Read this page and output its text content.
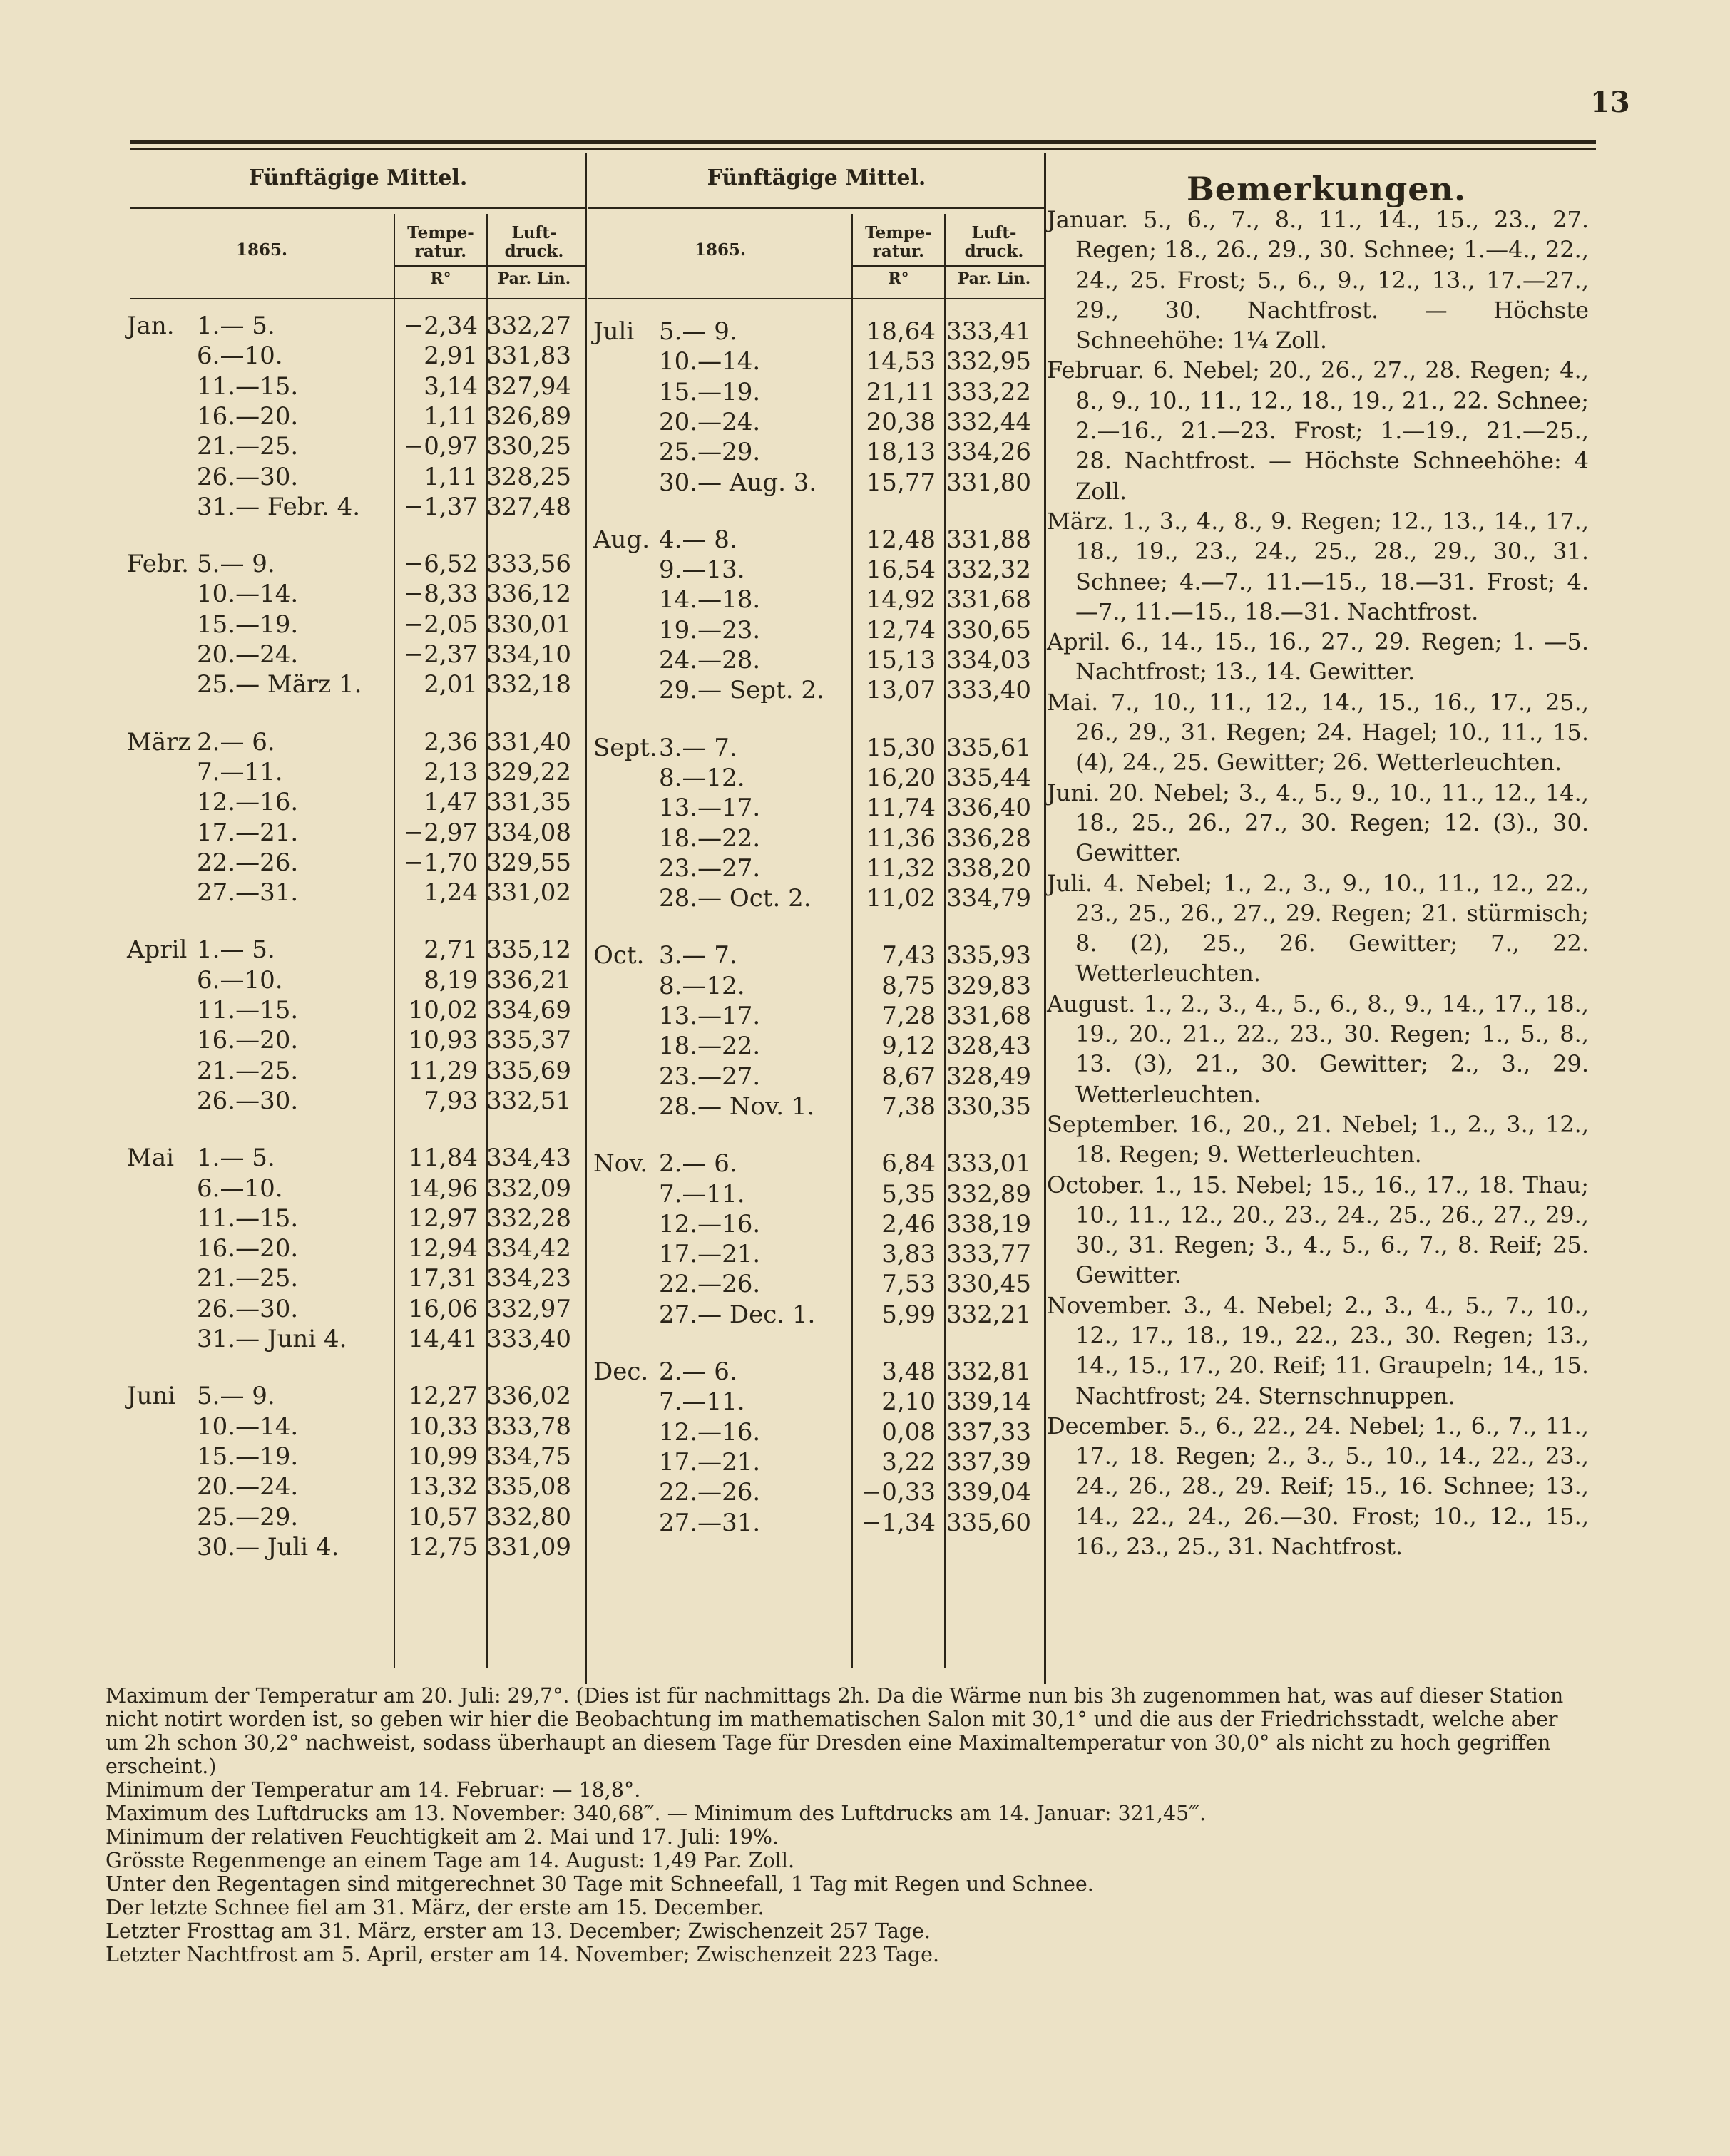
13
Fünftägige Mittel.
1865.
Tempe- ratur.
Luft- druck.
R°	Par. Lin.
Fünftägige Mittel.
1865.
Tempe- ratur.
Luft- druck.
R°	Par. Lin.
Bemerkungen.
Jan. 1.— 5.	−2,34 332,27
6.—10.	2,91 331,83
11.—15.	3,14 327,94
16.—20.	1,11 326,89
21.—25.	−0,97 330,25
26.—30.	1,11 328,25
31.— Febr. 4.	−1,37 327,48
Febr. 5.— 9.	−6,52 333,56
10.—14.	−8,33 336,12
15.—19.	−2,05 330,01
20.—24.	−2,37 334,10
25.— März 1.	2,01 332,18
März 2.— 6.	2,36 331,40
7.—11.	2,13 329,22
12.—16.	1,47 331,35
17.—21.	−2,97 334,08
22.—26.	−1,70 329,55
27.—31.	1,24 331,02
April 1.— 5.	2,71 335,12
6.—10.	8,19 336,21
11.—15.	10,02 334,69
16.—20.	10,93 335,37
21.—25.	11,29 335,69
26.—30.	7,93 332,51
Mai 1.— 5.	11,84 334,43
6.—10.	14,96 332,09
11.—15.	12,97 332,28
16.—20.	12,94 334,42
21.—25.	17,31 334,23
26.—30.	16,06 332,97
31.— Juni 4.	14,41 333,40
Juni 5.— 9.	12,27 336,02
10.—14.	10,33 333,78
15.—19.	10,99 334,75
20.—24.	13,32 335,08
25.—29.	10,57 332,80
30.— Juli 4.	12,75 331,09
Juli 5.— 9.	18,64 333,41
10.—14.	14,53 332,95
15.—19.	21,11 333,22
20.—24.	20,38 332,44
25.—29.	18,13 334,26
30.— Aug. 3.	15,77 331,80
Aug. 4.— 8.	12,48 331,88
9.—13.	16,54 332,32
14.—18.	14,92 331,68
19.—23.	12,74 330,65
24.—28.	15,13 334,03
29.— Sept. 2.	13,07 333,40
Sept. 3.— 7.	15,30 335,61
8.—12.	16,20 335,44
13.—17.	11,74 336,40
18.—22.	11,36 336,28
23.—27.	11,32 338,20
28.— Oct. 2.	11,02 334,79
Oct. 3.— 7.	7,43 335,93
8.—12.	8,75 329,83
13.—17.	7,28 331,68
18.—22.	9,12 328,43
23.—27.	8,67 328,49
28.— Nov. 1.	7,38 330,35
Nov. 2.— 6.	6,84 333,01
7.—11.	5,35 332,89
12.—16.	2,46 338,19
17.—21.	3,83 333,77
22.—26.	7,53 330,45
27.— Dec. 1.	5,99 332,21
Dec. 2.— 6.	3,48 332,81
7.—11.	2,10 339,14
12.—16.	0,08 337,33
17.—21.	3,22 337,39
22.—26.	−0,33 339,04
27.—31.	−1,34 335,60
Januar. 5., 6., 7., 8., 11., 14., 15., 23., 27. Regen; 18., 26., 29., 30. Schnee; 1.—4., 22., 24., 25. Frost; 5., 6., 9., 12., 13., 17.—27., 29., 30. Nachtfrost. — Höchste Schneehöhe: 1¼ Zoll.
Februar. 6. Nebel; 20., 26., 27., 28. Regen; 4., 8., 9., 10., 11., 12., 18., 19., 21., 22. Schnee; 2.—16., 21.—23. Frost; 1.—19., 21.—25., 28. Nachtfrost. — Höchste Schneehöhe: 4 Zoll.
März. 1., 3., 4., 8., 9. Regen; 12., 13., 14., 17., 18., 19., 23., 24., 25., 28., 29., 30., 31. Schnee; 4.—7., 11.—15., 18.—31. Frost; 4.—7., 11.—15., 18.—31. Nachtfrost.
April. 6., 14., 15., 16., 27., 29. Regen; 1. —5. Nachtfrost; 13., 14. Gewitter.
Mai. 7., 10., 11., 12., 14., 15., 16., 17., 25., 26., 29., 31. Regen; 24. Hagel; 10., 11., 15. (4), 24., 25. Gewitter; 26. Wetterleuchten.
Juni. 20. Nebel; 3., 4., 5., 9., 10., 11., 12., 14., 18., 25., 26., 27., 30. Regen; 12. (3)., 30. Gewitter.
Juli. 4. Nebel; 1., 2., 3., 9., 10., 11., 12., 22., 23., 25., 26., 27., 29. Regen; 21. stürmisch; 8. (2), 25., 26. Gewitter; 7., 22. Wetterleuchten.
August. 1., 2., 3., 4., 5., 6., 8., 9., 14., 17., 18., 19., 20., 21., 22., 23., 30. Regen; 1., 5., 8., 13. (3), 21., 30. Gewitter; 2., 3., 29. Wetterleuchten.
September. 16., 20., 21. Nebel; 1., 2., 3., 12., 18. Regen; 9. Wetterleuchten.
October. 1., 15. Nebel; 15., 16., 17., 18. Thau; 10., 11., 12., 20., 23., 24., 25., 26., 27., 29., 30., 31. Regen; 3., 4., 5., 6., 7., 8. Reif; 25. Gewitter.
November. 3., 4. Nebel; 2., 3., 4., 5., 7., 10., 12., 17., 18., 19., 22., 23., 30. Regen; 13., 14., 15., 17., 20. Reif; 11. Graupeln; 14., 15. Nachtfrost; 24. Sternschnuppen.
December. 5., 6., 22., 24. Nebel; 1., 6., 7., 11., 17., 18. Regen; 2., 3., 5., 10., 14., 22., 23., 24., 26., 28., 29. Reif; 15., 16. Schnee; 13., 14., 22., 24., 26.—30. Frost; 10., 12., 15., 16., 23., 25., 31. Nachtfrost.
Maximum der Temperatur am 20. Juli: 29,7°. (Dies ist für nachmittags 2h. Da die Wärme nun bis 3h zugenommen hat, was auf dieser Station nicht notirt worden ist, so geben wir hier die Beobachtung im mathematischen Salon mit 30,1° und die aus der Friedrichsstadt, welche aber um 2h schon 30,2° nachweist, sodass überhaupt an diesem Tage für Dresden eine Maximaltemperatur von 30,0° als nicht zu hoch gegriffen erscheint.)
Minimum der Temperatur am 14. Februar: — 18,8°.
Maximum des Luftdrucks am 13. November: 340,68‴. — Minimum des Luftdrucks am 14. Januar: 321,45‴.
Minimum der relativen Feuchtigkeit am 2. Mai und 17. Juli: 19%.
Grösste Regenmenge an einem Tage am 14. August: 1,49 Par. Zoll.
Unter den Regentagen sind mitgerechnet 30 Tage mit Schneefall, 1 Tag mit Regen und Schnee.
Der letzte Schnee fiel am 31. März, der erste am 15. December.
Letzter Frosttag am 31. März, erster am 13. December; Zwischenzeit 257 Tage.
Letzter Nachtfrost am 5. April, erster am 14. November; Zwischenzeit 223 Tage.
